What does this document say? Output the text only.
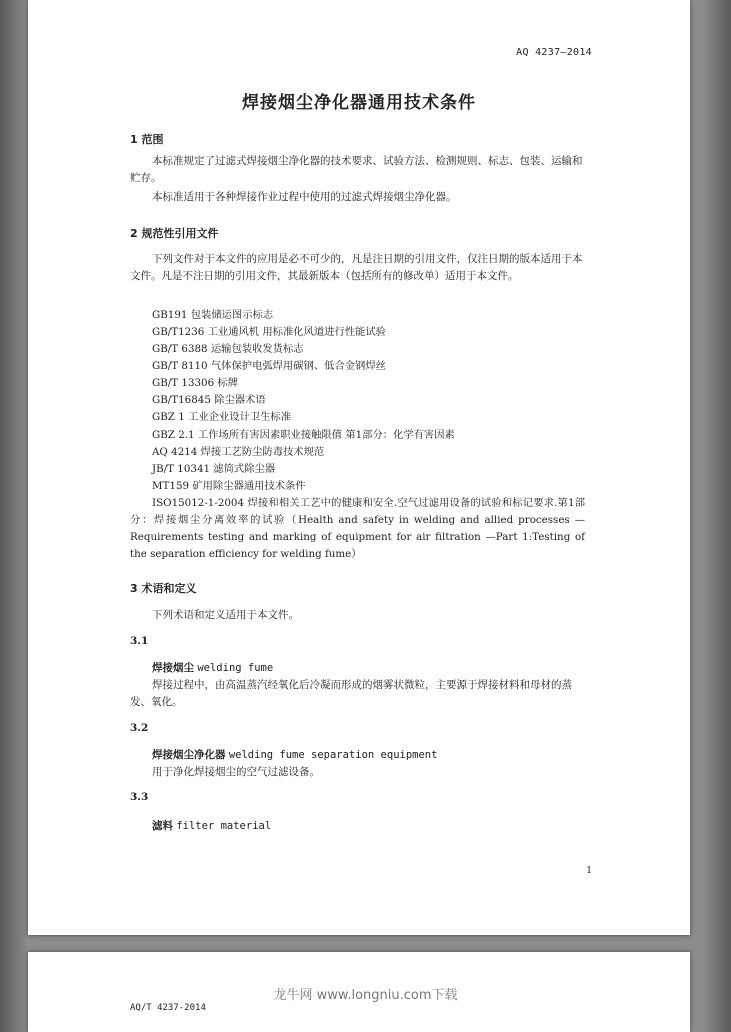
AQ 4237—2014
焊接烟尘净化器通用技术条件
1 范围
本标准规定了过滤式焊接烟尘净化器的技术要求、试验方法、检测规则、标志、包装、运输和贮存。
本标准适用于各种焊接作业过程中使用的过滤式焊接烟尘净化器。
2 规范性引用文件
下列文件对于本文件的应用是必不可少的，凡是注日期的引用文件，仅注日期的版本适用于本文件。凡是不注日期的引用文件，其最新版本（包括所有的修改单）适用于本文件。
GB191 包装储运图示标志
GB/T1236 工业通风机 用标准化风道进行性能试验
GB/T 6388 运输包装收发货标志
GB/T 8110 气体保护电弧焊用碳钢、低合金钢焊丝
GB/T 13306 标牌
GB/T16845 除尘器术语
GBZ 1 工业企业设计卫生标准
GBZ 2.1 工作场所有害因素职业接触限值 第1部分：化学有害因素
AQ 4214 焊接工艺防尘防毒技术规范
JB/T 10341 滤筒式除尘器
MT159 矿用除尘器通用技术条件
ISO15012-1-2004 焊接和相关工艺中的健康和安全.空气过滤用设备的试验和标记要求.第1部分：焊接烟尘分离效率的试验（Health and safety in welding and allied processes — Requirements testing and marking of equipment for air filtration —Part 1:Testing of the separation efficiency for welding fume）
3 术语和定义
下列术语和定义适用于本文件。
3.1
焊接烟尘 welding fume
焊接过程中，由高温蒸汽经氧化后冷凝而形成的烟雾状微粒，主要源于焊接材料和母材的蒸发、氧化。
3.2
焊接烟尘净化器 welding fume separation equipment
用于净化焊接烟尘的空气过滤设备。
3.3
滤料 filter material
1
AQ/T 4237-2014
龙牛网 www.longniu.com下载
